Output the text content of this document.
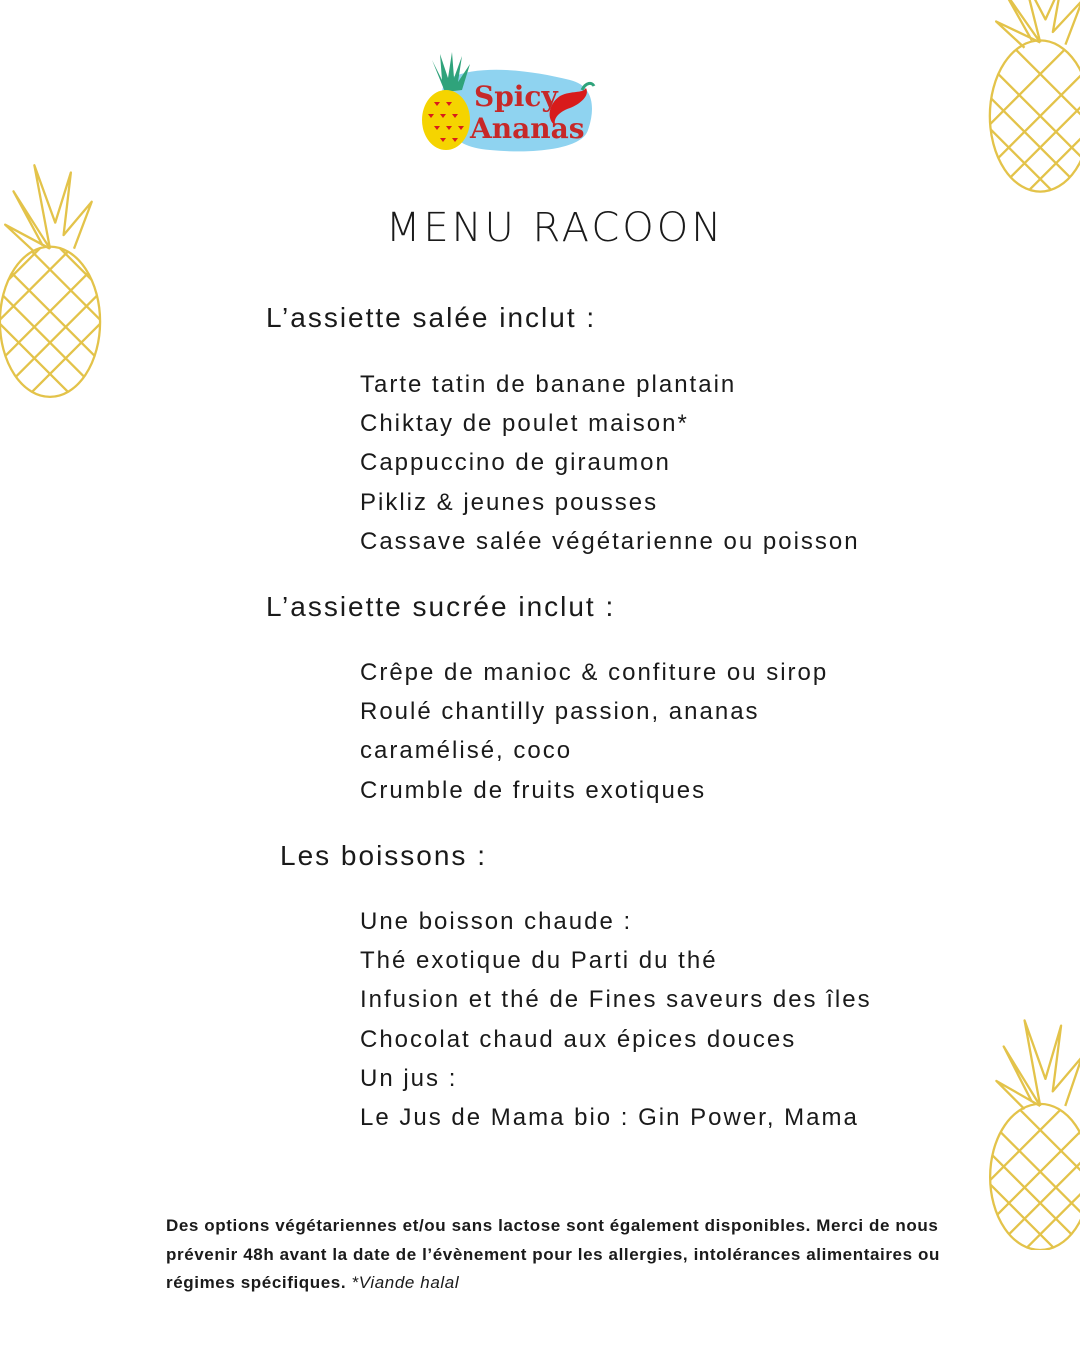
Spicy
Ananas
MENU RACOON
L’assiette salée inclut :
Tarte tatin de banane plantain
Chiktay de poulet maison*
Cappuccino de giraumon
Pikliz & jeunes pousses
Cassave salée végétarienne ou poisson
L’assiette sucrée inclut :
Crêpe de manioc & confiture ou sirop
Roulé chantilly passion, ananas
caramélisé, coco
Crumble de fruits exotiques
Les boissons :
Une boisson chaude :
Thé exotique du Parti du thé
Infusion et thé de Fines saveurs des îles
Chocolat chaud aux épices douces
Un jus :
Le Jus de Mama bio : Gin Power, Mama
Des options végétariennes et/ou sans lactose sont également disponibles. Merci de nous prévenir 48h avant la date de l’évènement pour les allergies, intolérances alimentaires ou régimes spécifiques. *Viande halal
